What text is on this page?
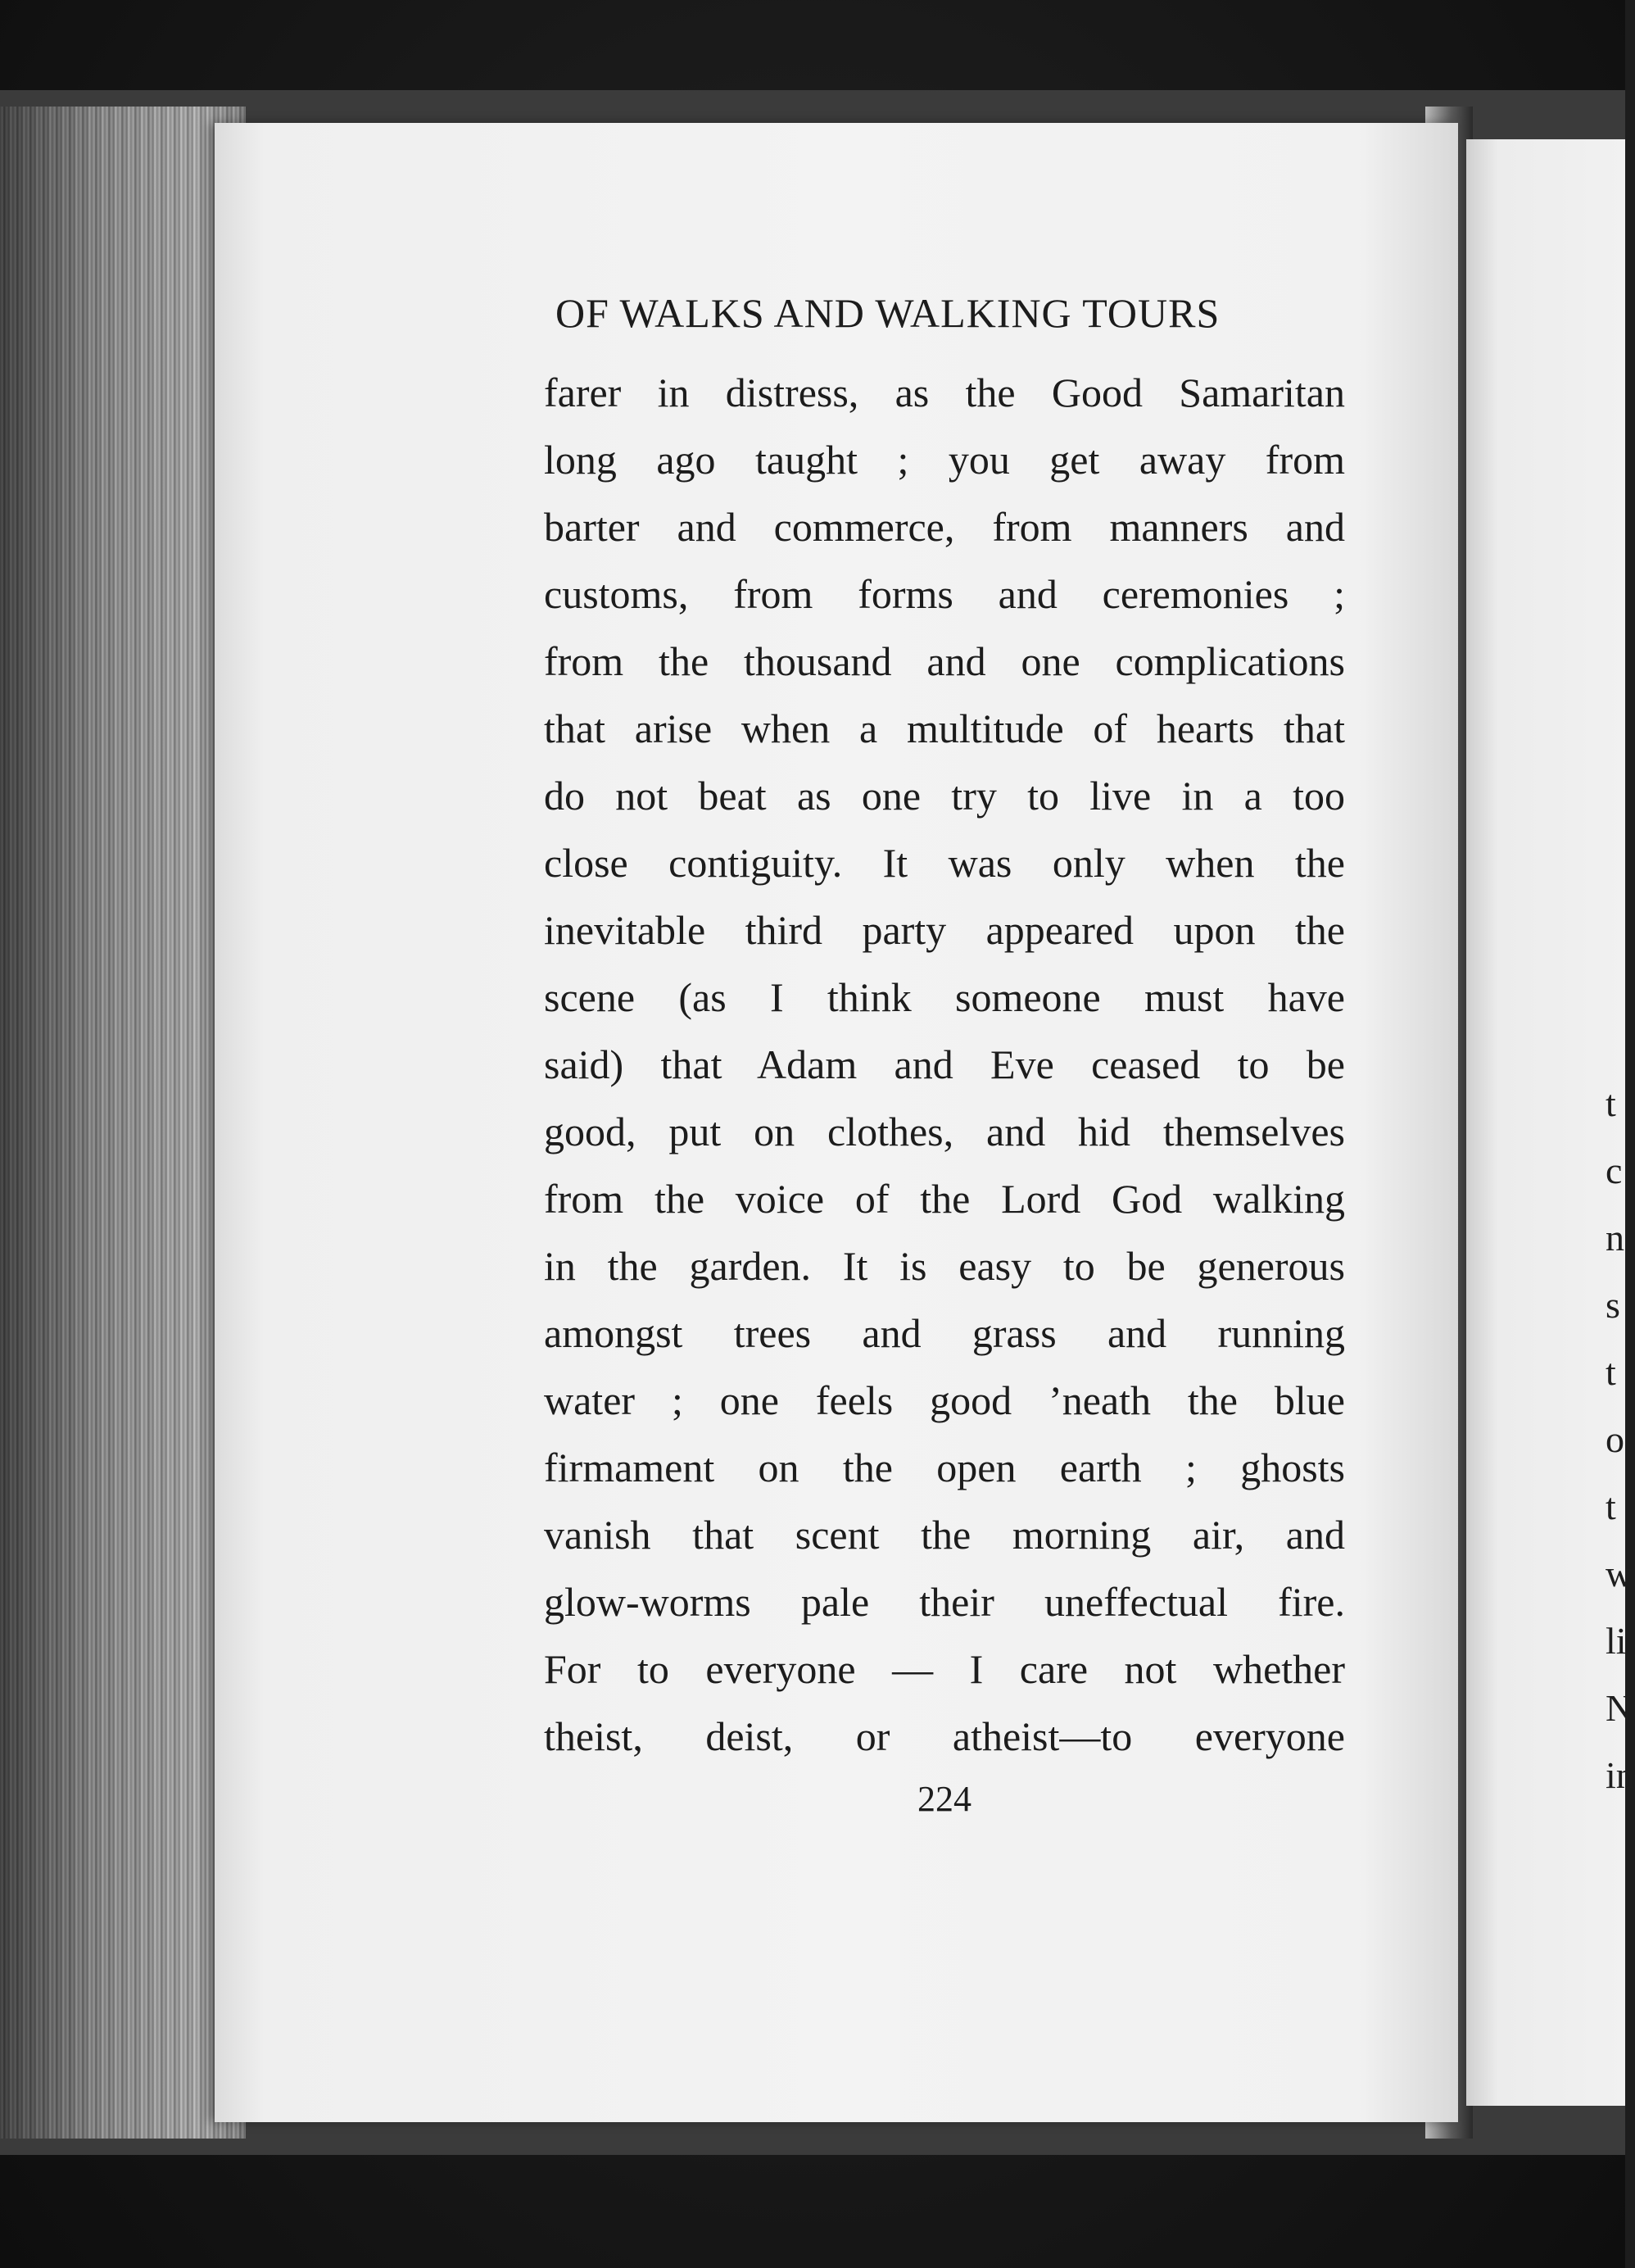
OF WALKS AND WALKING TOURS
farer in distress, as the Good Samaritan
long ago taught ; you get away from
barter and commerce, from manners and
customs, from forms and ceremonies ;
from the thousand and one complications
that arise when a multitude of hearts that
do not beat as one try to live in a too
close contiguity. It was only when the
inevitable third party appeared upon the
scene (as I think someone must have
said) that Adam and Eve ceased to be
good, put on clothes, and hid themselves
from the voice of the Lord God walking
in the garden. It is easy to be generous
amongst trees and grass and running
water ; one feels good ’neath the blue
firmament on the open earth ; ghosts
vanish that scent the morning air, and
glow-worms pale their uneffectual fire.
For to everyone — I care not whether
theist, deist, or atheist—to everyone
224
t
c
n
s
t
o
t
w
li
N
in
